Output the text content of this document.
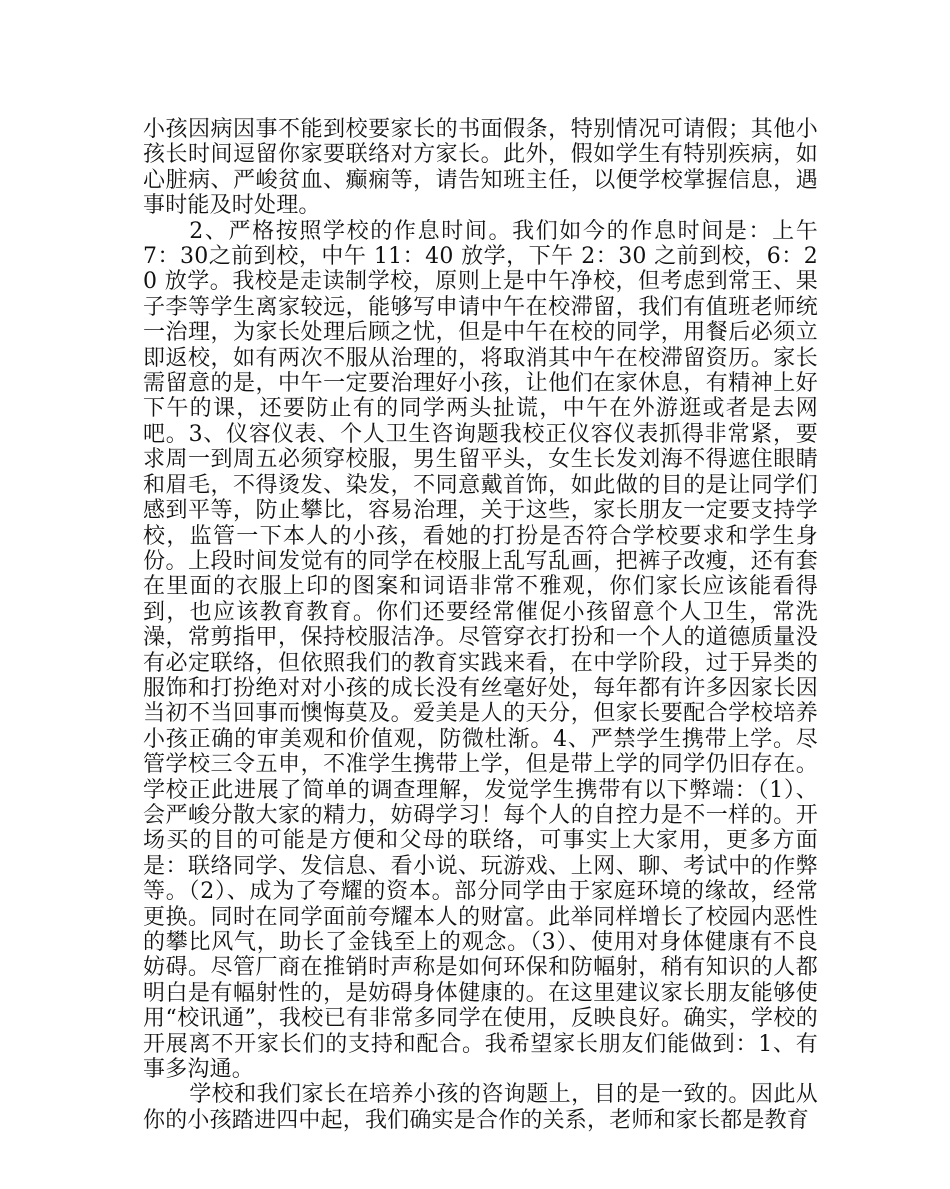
小孩因病因事不能到校要家长的书面假条，特别情况可请假；其他小孩长时间逗留你家要联络对方家长。此外，假如学生有特别疾病，如心脏病、严峻贫血、癫痫等，请告知班主任，以便学校掌握信息，遇事时能及时处理。

2、严格按照学校的作息时间。我们如今的作息时间是：上午 7：30之前到校，中午 11：40 放学，下午 2：30 之前到校，6：20 放学。我校是走读制学校，原则上是中午净校，但考虑到常王、果子李等学生离家较远，能够写申请中午在校滞留，我们有值班老师统一治理，为家长处理后顾之忧，但是中午在校的同学，用餐后必须立即返校，如有两次不服从治理的，将取消其中午在校滞留资历。家长需留意的是，中午一定要治理好小孩，让他们在家休息，有精神上好下午的课，还要防止有的同学两头扯谎，中午在外游逛或者是去网吧。3、仪容仪表、个人卫生咨询题我校正仪容仪表抓得非常紧，要求周一到周五必须穿校服，男生留平头，女生长发刘海不得遮住眼睛和眉毛，不得烫发、染发，不同意戴首饰，如此做的目的是让同学们感到平等，防止攀比，容易治理，关于这些，家长朋友一定要支持学校，监管一下本人的小孩，看她的打扮是否符合学校要求和学生身份。上段时间发觉有的同学在校服上乱写乱画，把裤子改瘦，还有套在里面的衣服上印的图案和词语非常不雅观，你们家长应该能看得到，也应该教育教育。你们还要经常催促小孩留意个人卫生，常洗澡，常剪指甲，保持校服洁净。尽管穿衣打扮和一个人的道德质量没有必定联络，但依照我们的教育实践来看，在中学阶段，过于异类的服饰和打扮绝对对小孩的成长没有丝毫好处，每年都有许多因家长因当初不当回事而懊悔莫及。爱美是人的天分，但家长要配合学校培养小孩正确的审美观和价值观，防微杜渐。4、严禁学生携带上学。尽管学校三令五申，不准学生携带上学，但是带上学的同学仍旧存在。学校正此进展了简单的调查理解，发觉学生携带有以下弊端：（1）、会严峻分散大家的精力，妨碍学习！每个人的自控力是不一样的。开场买的目的可能是方便和父母的联络，可事实上大家用，更多方面是：联络同学、发信息、看小说、玩游戏、上网、聊、考试中的作弊等。（2）、成为了夸耀的资本。部分同学由于家庭环境的缘故，经常更换。同时在同学面前夸耀本人的财富。此举同样增长了校园内恶性的攀比风气，助长了金钱至上的观念。（3）、使用对身体健康有不良妨碍。尽管厂商在推销时声称是如何环保和防幅射，稍有知识的人都明白是有幅射性的，是妨碍身体健康的。在这里建议家长朋友能够使用“校讯通”，我校已有非常多同学在使用，反映良好。确实，学校的开展离不开家长们的支持和配合。我希望家长朋友们能做到：1、有事多沟通。

学校和我们家长在培养小孩的咨询题上，目的是一致的。因此从你的小孩踏进四中起，我们确实是合作的关系，老师和家长都是教育
